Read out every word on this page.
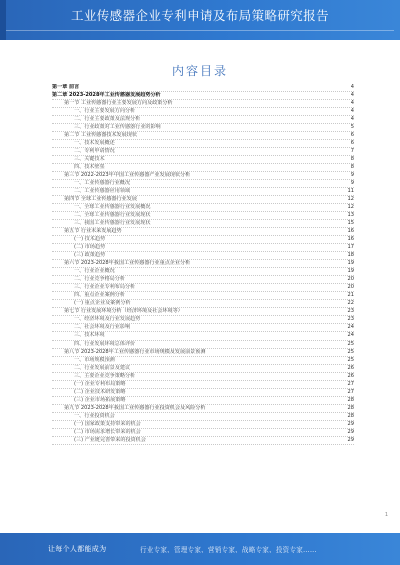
工业传感器企业专利申请及布局策略研究报告
内容目录
第一章 前言	4
第二章 2023-2028年工业传感器发展趋势分析	4
第一节 工业传感器行业主要发展方向及政策分析	4
一、行业主要发展方向分析	4
二、行业主要政策及法规分析	4
三、行业政策对工业传感器行业的影响	5
第二节 工业传感器技术发展现状	6
一、技术发展概述	6
二、专利申请情况	7
三、关键技术	8
四、技术壁垒	8
第三节 2022-2023年中国工业传感器产业发展现状分析	9
一、工业传感器行业概况	9
二、工业传感器应用领域	11
第四节 全球工业传感器行业发展	12
一、全球工业传感器行业发展概况	12
二、全球工业传感器行业发展现状	13
三、我国工业传感器行业发展现状	15
第五节 行业未来发展趋势	16
(一) 技术趋势	16
(二) 市场趋势	17
(三) 政策趋势	18
第六节 2023-2028年我国工业传感器行业重点企业分析	19
一、行业企业概况	19
二、行业竞争格局分析	20
三、行业企业专利布局分析	20
四、重点企业案例分析	21
(一) 重点企业及案例分析	22
第七节 行业发展环境分析（经济环境及社会环境等）	23
一、经济环境及行业发展趋势	23
二、社会环境及行业影响	24
三、技术环境	24
四、行业发展环境总体评价	25
第八节 2023-2028年工业传感器行业市场规模及发展前景预测	25
一、市场规模预测	25
二、行业发展前景及建议	26
三、主要企业竞争策略分析	26
(一) 企业专利布局策略	27
(二) 企业技术研发策略	27
(三) 企业市场拓展策略	28
第九节 2023-2028年我国工业传感器行业投资机会及风险分析	28
一、行业投资机会	28
(一) 国家政策支持带来的机会	29
(二) 市场需求增长带来的机会	29
(三) 产业链完善带来的投资机会	29
1
让每个人都能成为	行业专家、管理专家、营销专家、战略专家、投资专家……
